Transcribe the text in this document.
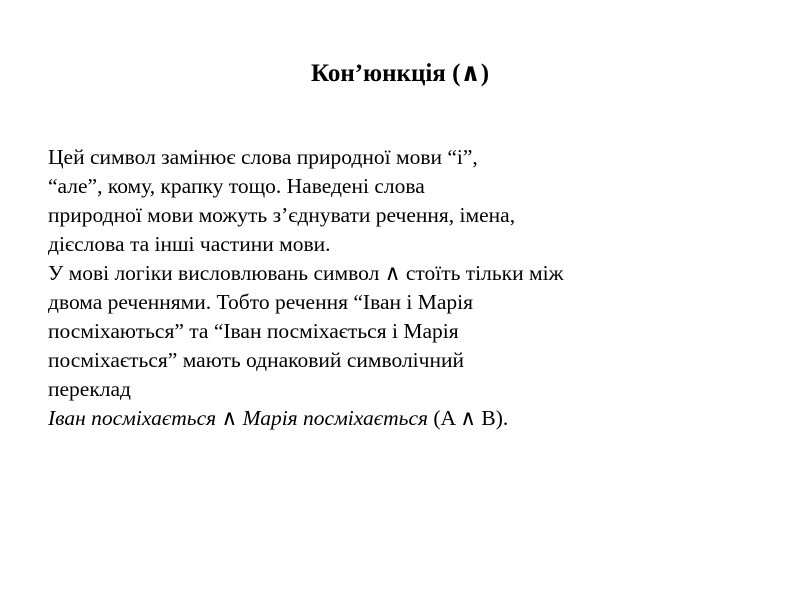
Кон’юнкція (∧)
Цей символ замінює слова природної мови “і”,
“але”, кому, крапку тощо. Наведені слова
природної мови можуть з’єднувати речення, імена,
дієслова та інші частини мови.
У мові логіки висловлювань символ ∧ стоїть тільки між
двома реченнями. Тобто речення “Іван і Марія
посміхаються” та “Іван посміхається і Марія
посміхається” мають однаковий символічний
переклад
Іван посміхається ∧ Марія посміхається (A ∧ B).
